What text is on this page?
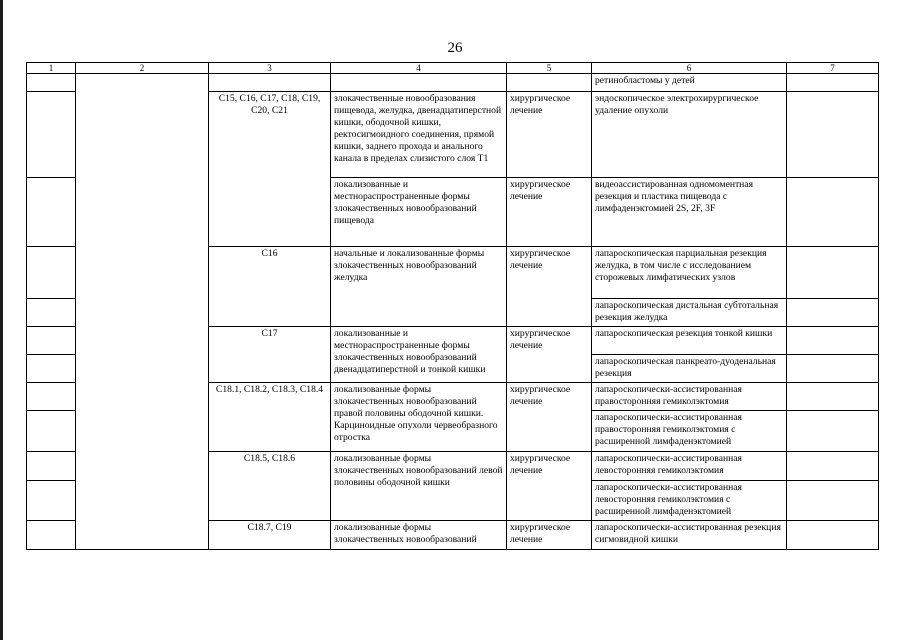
26
1	2	3	4	5	6	7
					ретинобластомы у детей	
		C15, C16, C17, C18, C19, C20, C21	злокачественные новообразования пищевода, желудка, двенадцатиперстной кишки, ободочной кишки, ректосигмоидного соединения, прямой кишки, заднего прохода и анального канала в пределах слизистого слоя T1	хирургическое лечение	эндоскопическое электрохирургическое удаление опухоли	
			локализованные и местнораспространенные формы злокачественных новообразований пищевода	хирургическое лечение	видеоассистированная одномоментная резекция и пластика пищевода с лимфаденэктомией 2S, 2F, 3F	
		C16	начальные и локализованные формы злокачественных новообразований желудка	хирургическое лечение	лапароскопическая парциальная резекция желудка, в том числе с исследованием сторожевых лимфатических узлов	
					лапароскопическая дистальная субтотальная резекция желудка	
		C17	локализованные и местнораспространенные формы злокачественных новообразований двенадцатиперстной и тонкой кишки	хирургическое лечение	лапароскопическая резекция тонкой кишки	
					лапароскопическая панкреато-дуоденальная резекция	
		C18.1, C18.2, C18.3, C18.4	локализованные формы злокачественных новообразований правой половины ободочной кишки. Карциноидные опухоли червеобразного отростка	хирургическое лечение	лапароскопически-ассистированная правосторонняя гемиколэктомия	
					лапароскопически-ассистированная правосторонняя гемиколэктомия с расширенной лимфаденэктомией	
		C18.5, C18.6	локализованные формы злокачественных новообразований левой половины ободочной кишки	хирургическое лечение	лапароскопически-ассистированная левосторонняя гемиколэктомия	
					лапароскопически-ассистированная левосторонняя гемиколэктомия с расширенной лимфаденэктомией	
		C18.7, C19	локализованные формы злокачественных новообразований	хирургическое лечение	лапароскопически-ассистированная резекция сигмовидной кишки	
